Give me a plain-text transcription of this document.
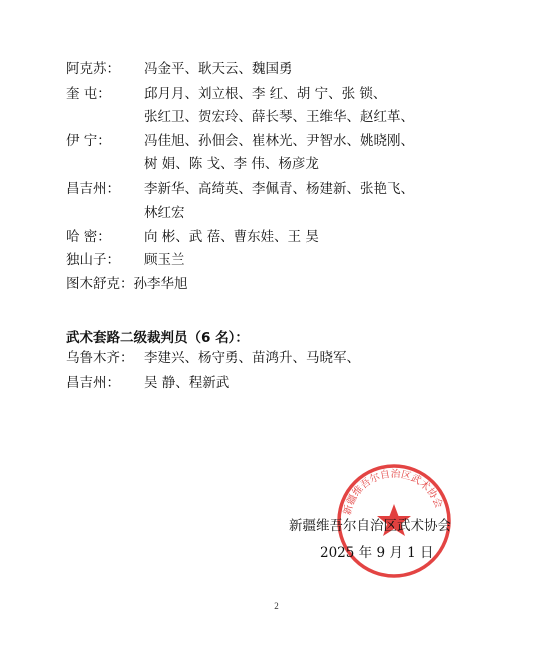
阿克苏： 冯金平、耿天云、魏国勇
奎 屯： 邱月月、刘立根、李 红、胡 宁、张 锁、
张红卫、贺宏玲、薛长琴、王维华、赵红革、
伊 宁： 冯佳旭、孙佃会、崔林光、尹智水、姚晓刚、
树 娟、陈 戈、李 伟、杨彦龙
昌吉州： 李新华、高绮英、李佩青、杨建新、张艳飞、
林红宏
哈 密： 向 彬、武 蓓、曹东娃、王 昊
独山子： 顾玉兰
图木舒克：孙李华旭
武术套路二级裁判员（6 名）：
乌鲁木齐： 李建兴、杨守勇、苗鸿升、马晓军、
昌吉州： 吴 静、程新武
新疆维吾尔自治区武术协会
新疆维吾尔自治区武术协会
2025 年 9 月 1 日
2
